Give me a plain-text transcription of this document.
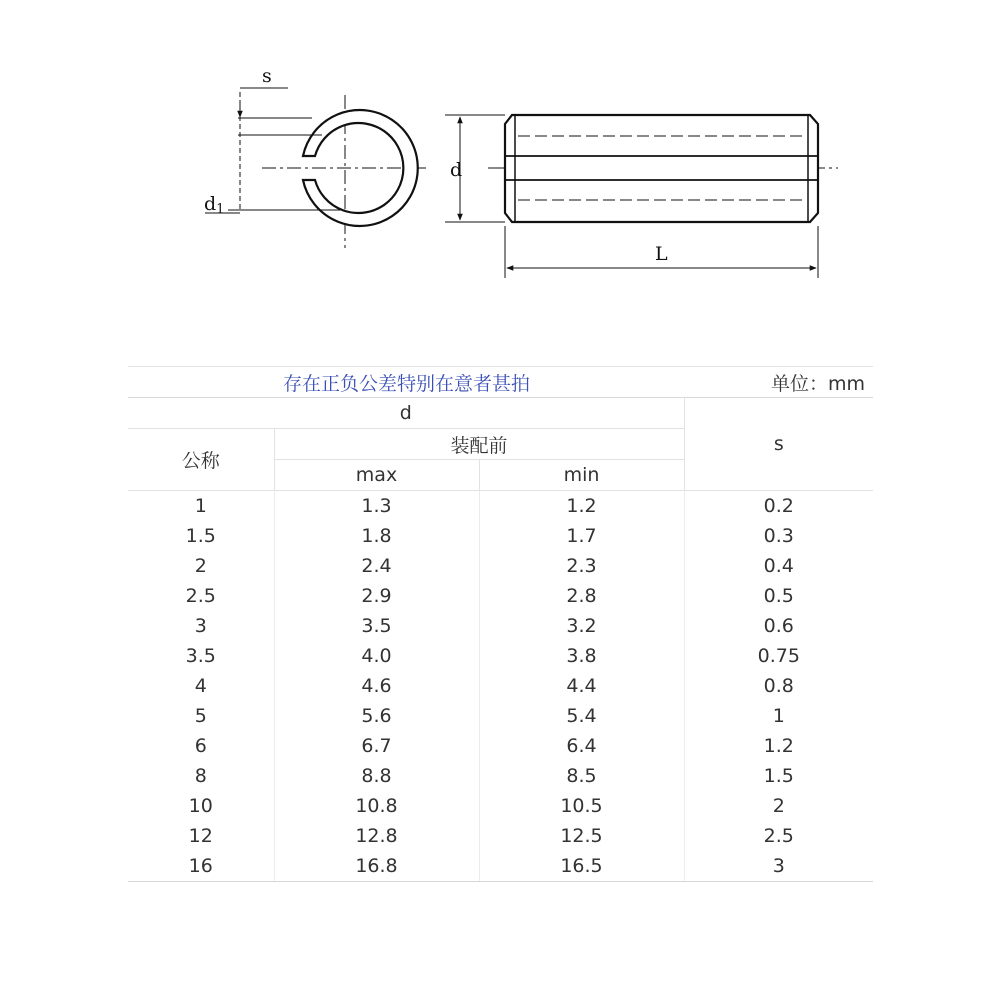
s
d1
d
L
存在正负公差特别在意者甚拍			单位：mm
d			s
公称	装配前		
	max	min	
1	1.3	1.2	0.2
1.5	1.8	1.7	0.3
2	2.4	2.3	0.4
2.5	2.9	2.8	0.5
3	3.5	3.2	0.6
3.5	4.0	3.8	0.75
4	4.6	4.4	0.8
5	5.6	5.4	1
6	6.7	6.4	1.2
8	8.8	8.5	1.5
10	10.8	10.5	2
12	12.8	12.5	2.5
16	16.8	16.5	3
